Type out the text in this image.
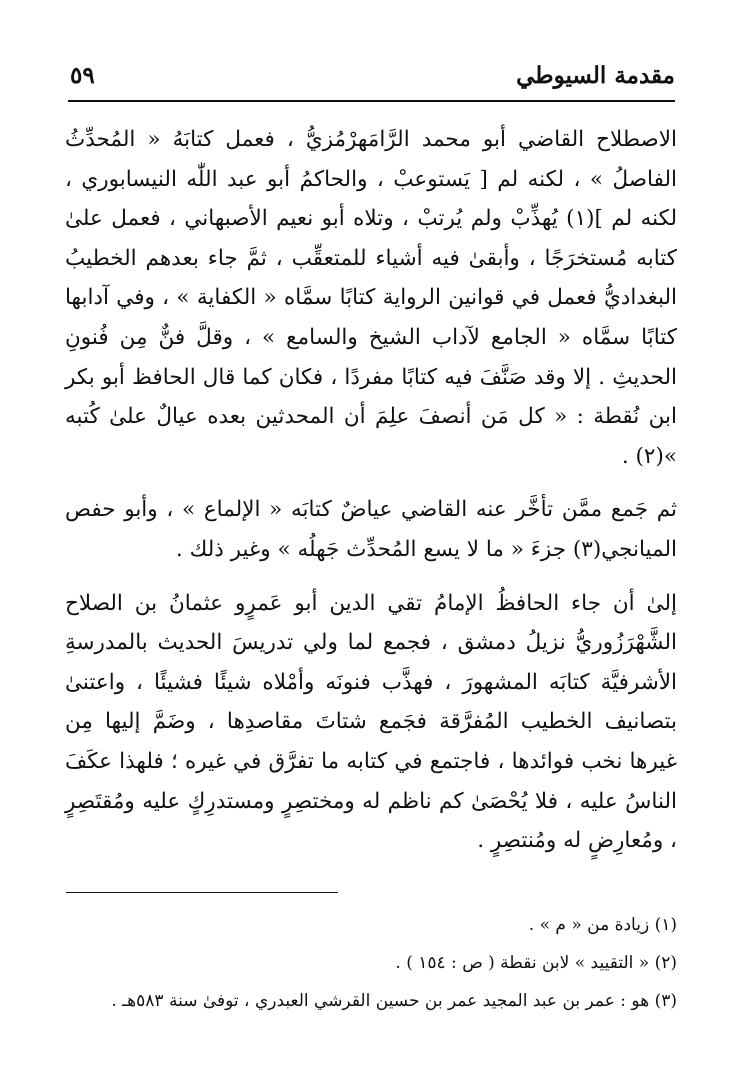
مقدمة السيوطي
٥٩

الاصطلاح القاضي أبو محمد الرَّامَهرْمُزيُّ ، فعمل كتابَهُ « المُحدِّثُ الفاصلُ » ، لكنه لم [ يَستوعبْ ، والحاكمُ أبو عبد اللّٰه النيسابوري ، لكنه لم ](١) يُهذِّبْ ولم يُرتبْ ، وتلاه أبو نعيم الأصبهاني ، فعمل علىٰ كتابه مُستخرَجًا ، وأبقىٰ فيه أشياء للمتعقِّب ، ثمَّ جاء بعدهم الخطيبُ البغداديُّ فعمل في قوانين الرواية كتابًا سمَّاه « الكفاية » ، وفي آدابها كتابًا سمَّاه « الجامع لآداب الشيخ والسامع » ، وقلَّ فنٌّ مِن فُنونِ الحديثِ . إلا وقد صَنَّفَ فيه كتابًا مفردًا ، فكان كما قال الحافظ أبو بكر ابن نُقطة : « كل مَن أنصفَ علِمَ أن المحدثين بعده عيالٌ علىٰ كُتبه »(٢) .

ثم جَمع ممَّن تأخَّر عنه القاضي عياضٌ كتابَه « الإلماع » ، وأبو حفص الميانجي(٣) جزءَ « ما لا يسع المُحدِّث جَهلُه » وغير ذلك .

إلىٰ أن جاء الحافظُ الإمامُ تقي الدين أبو عَمرٍو عثمانُ بن الصلاح الشَّهْرَزُوريُّ نزيلُ دمشق ، فجمع لما ولي تدريسَ الحديث بالمدرسةِ الأشرفيَّة كتابَه المشهورَ ، فهذَّب فنونَه وأمْلاه شيئًا فشيئًا ، واعتنىٰ بتصانيف الخطيب المُفرَّقة فجَمع شتاتَ مقاصدِها ، وضَمَّ إليها مِن غيرها نخب فوائدها ، فاجتمع في كتابه ما تفرَّق في غيره ؛ فلهذا عكَفَ الناسُ عليه ، فلا يُحْصَىٰ كم ناظم له ومختصِرٍ ومستدرِكٍ عليه ومُقتَصِرٍ ، ومُعارِضٍ له ومُنتصِرٍ .

(١) زيادة من « م » .

(٢) « التقييد » لابن نقطة ( ص : ١٥٤ ) .

(٣) هو : عمر بن عبد المجيد عمر بن حسين القرشي العبدري ، توفىٰ سنة ٥٨٣هـ .
